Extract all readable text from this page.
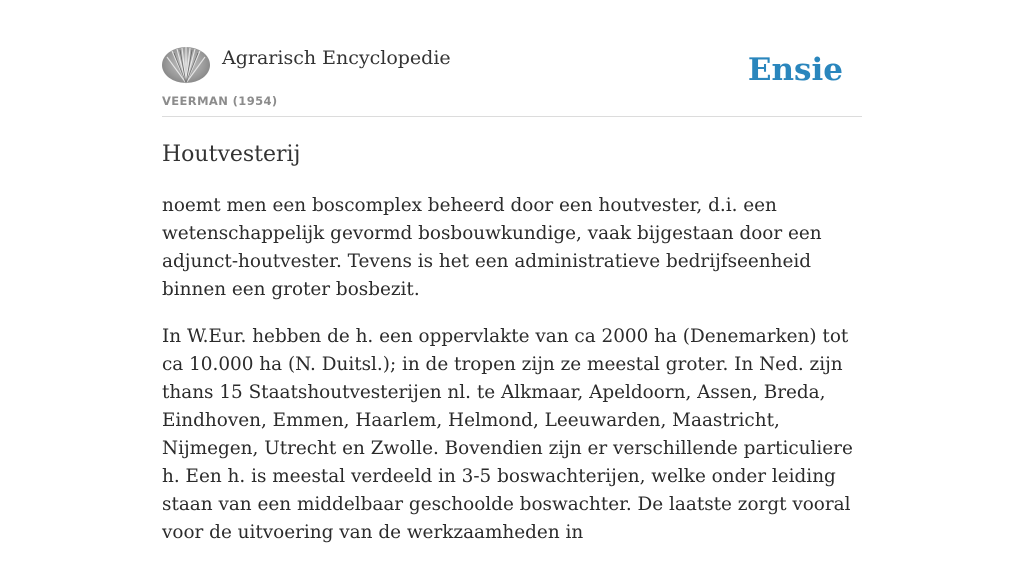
Agrarisch Encyclopedie
VEERMAN (1954)
Ensie
Houtvesterij

noemt men een boscomplex beheerd door een houtvester, d.i. een wetenschappelijk gevormd bosbouwkundige, vaak bijgestaan door een adjunct-houtvester. Tevens is het een administratieve bedrijfseenheid binnen een groter bosbezit.

In W.Eur. hebben de h. een oppervlakte van ca 2000 ha (Denemarken) tot ca 10.000 ha (N. Duitsl.); in de tropen zijn ze meestal groter. In Ned. zijn thans 15 Staatshoutvesterijen nl. te Alkmaar, Apeldoorn, Assen, Breda, Eindhoven, Emmen, Haarlem, Helmond, Leeuwarden, Maastricht, Nijmegen, Utrecht en Zwolle. Bovendien zijn er verschillende particuliere h. Een h. is meestal verdeeld in 3-5 boswachterijen, welke onder leiding staan van een middelbaar geschoolde boswachter. De laatste zorgt vooral voor de uitvoering van de werkzaamheden in
